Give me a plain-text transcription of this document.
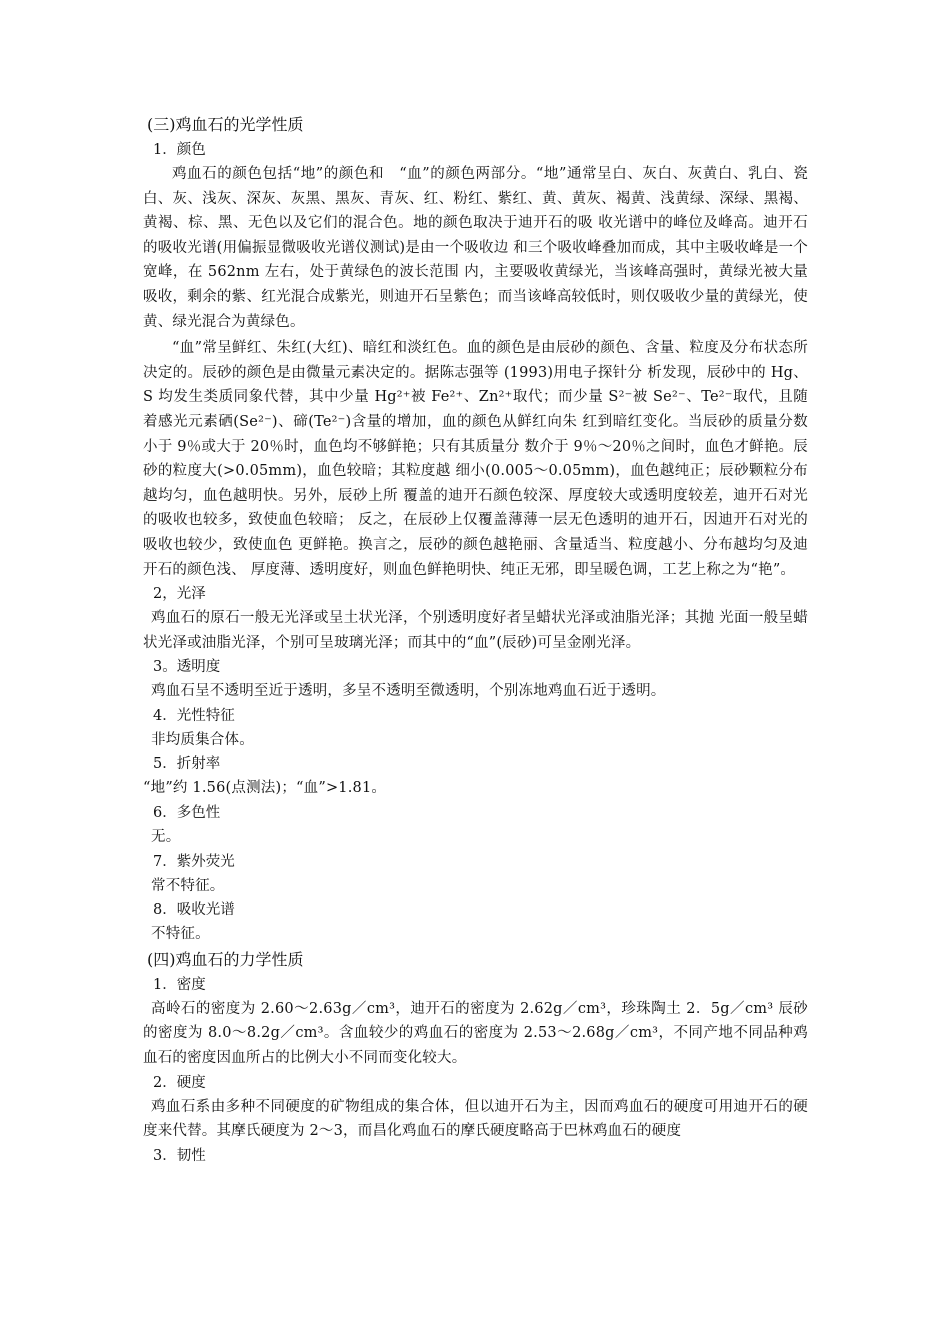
(三)鸡血石的光学性质
1．颜色

鸡血石的颜色包括“地”的颜色和　“血”的颜色两部分。“地”通常呈白、灰白、灰黄白、乳白、瓷白、灰、浅灰、深灰、灰黑、黑灰、青灰、红、粉红、紫红、黄、黄灰、褐黄、浅黄绿、深绿、黑褐、黄褐、棕、黑、无色以及它们的混合色。地的颜色取决于迪开石的吸 收光谱中的峰位及峰高。迪开石的吸收光谱(用偏振显微吸收光谱仪测试)是由一个吸收边 和三个吸收峰叠加而成，其中主吸收峰是一个宽峰，在 562nm 左右，处于黄绿色的波长范围 内，主要吸收黄绿光，当该峰高强时，黄绿光被大量吸收，剩余的紫、红光混合成紫光，则迪开石呈紫色；而当该峰高较低时，则仅吸收少量的黄绿光，使黄、绿光混合为黄绿色。

“血”常呈鲜红、朱红(大红)、暗红和淡红色。血的颜色是由辰砂的颜色、含量、粒度及分布状态所决定的。辰砂的颜色是由微量元素决定的。据陈志强等 (1993)用电子探针分 析发现，辰砂中的 Hg、S 均发生类质同象代替，其中少量 Hg²⁺被 Fe²⁺、Zn²⁺取代；而少量 S²⁻被 Se²⁻、Te²⁻取代，且随着感光元素硒(Se²⁻)、碲(Te²⁻)含量的增加，血的颜色从鲜红向朱 红到暗红变化。当辰砂的质量分数小于 9％或大于 20％时，血色均不够鲜艳；只有其质量分 数介于 9％～20％之间时，血色才鲜艳。辰砂的粒度大(>0.05mm)，血色较暗；其粒度越 细小(0.005～0.05mm)，血色越纯正；辰砂颗粒分布越均匀，血色越明快。另外，辰砂上所 覆盖的迪开石颜色较深、厚度较大或透明度较差，迪开石对光的吸收也较多，致使血色较暗； 反之，在辰砂上仅覆盖薄薄一层无色透明的迪开石，因迪开石对光的吸收也较少，致使血色 更鲜艳。换言之，辰砂的颜色越艳丽、含量适当、粒度越小、分布越均匀及迪开石的颜色浅、 厚度薄、透明度好，则血色鲜艳明快、纯正无邪，即呈暖色调，工艺上称之为“艳”。

2，光泽

鸡血石的原石一般无光泽或呈土状光泽，个别透明度好者呈蜡状光泽或油脂光泽；其抛 光面一般呈蜡状光泽或油脂光泽，个别可呈玻璃光泽；而其中的“血”(辰砂)可呈金刚光泽。

3。透明度

鸡血石呈不透明至近于透明，多呈不透明至微透明，个别冻地鸡血石近于透明。

4．光性特征

非均质集合体。

5．折射率

“地”约 1.56(点测法)；“血”>1.81。

6．多色性

无。

7．紫外荧光

常不特征。

8．吸收光谱

不特征。

(四)鸡血石的力学性质
1．密度

高岭石的密度为 2.60～2.63g／cm³，迪开石的密度为 2.62g／cm³，珍珠陶土 2．5g／cm³ 辰砂 的密度为 8.0～8.2g／cm³。含血较少的鸡血石的密度为 2.53～2.68g／cm³，不同产地不同品种鸡血石的密度因血所占的比例大小不同而变化较大。

2．硬度

鸡血石系由多种不同硬度的矿物组成的集合体，但以迪开石为主，因而鸡血石的硬度可用迪开石的硬度来代替。其摩氏硬度为 2～3，而昌化鸡血石的摩氏硬度略高于巴林鸡血石的硬度

3．韧性
